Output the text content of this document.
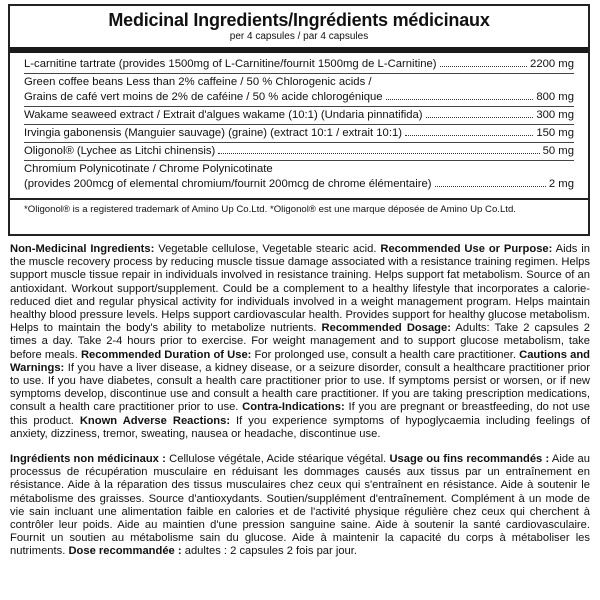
Medicinal Ingredients/Ingrédients médicinaux
per 4 capsules / par 4 capsules
L-carnitine tartrate (provides 1500mg of L-Carnitine/fournit 1500mg de L-Carnitine)	2200 mg
Green coffee beans Less than 2% caffeine / 50 % Chlorogenic acids /
Grains de café vert moins de 2% de caféine / 50 % acide chlorogénique	800 mg
Wakame seaweed extract / Extrait d'algues wakame (10:1) (Undaria pinnatifida)	300 mg
Irvingia gabonensis (Manguier sauvage) (graine) (extract 10:1 / extrait 10:1)	150 mg
Oligonol® (Lychee as Litchi chinensis)	50 mg
Chromium Polynicotinate / Chrome Polynicotinate
(provides 200mcg of elemental chromium/fournit 200mcg de chrome élémentaire)	2 mg
*Oligonol® is a registered trademark of Amino Up Co.Ltd. *Oligonol® est une marque déposée de Amino Up Co.Ltd.

Non-Medicinal Ingredients: Vegetable cellulose, Vegetable stearic acid. Recommended Use or Purpose: Aids in the muscle recovery process by reducing muscle tissue damage associated with a resistance training regimen. Helps support muscle tissue repair in individuals involved in resistance training. Helps support fat metabolism. Source of an antioxidant. Workout support/supplement. Could be a complement to a healthy lifestyle that incorporates a calorie-reduced diet and regular physical activity for individuals involved in a weight management program. Helps maintain healthy blood pressure levels. Helps support cardiovascular health. Provides support for healthy glucose metabolism. Helps to maintain the body's ability to metabolize nutrients. Recommended Dosage: Adults: Take 2 capsules 2 times a day. Take 2-4 hours prior to exercise. For weight management and to support glucose metabolism, take before meals. Recommended Duration of Use: For prolonged use, consult a health care practitioner. Cautions and Warnings: If you have a liver disease, a kidney disease, or a seizure disorder, consult a healthcare practitioner prior to use. If you have diabetes, consult a health care practitioner prior to use. If symptoms persist or worsen, or if new symptoms develop, discontinue use and consult a health care practitioner. If you are taking prescription medications, consult a health care practitioner prior to use. Contra-Indications: If you are pregnant or breastfeeding, do not use this product. Known Adverse Reactions: If you experience symptoms of hypoglycaemia including feelings of anxiety, dizziness, tremor, sweating, nausea or headache, discontinue use.

Ingrédients non médicinaux : Cellulose végétale, Acide stéarique végétal. Usage ou fins recommandés : Aide au processus de récupération musculaire en réduisant les dommages causés aux tissus par un entraînement en résistance. Aide à la réparation des tissus musculaires chez ceux qui s'entraînent en résistance. Aide à soutenir le métabolisme des graisses. Source d'antioxydants. Soutien/supplément d'entraînement. Complément à un mode de vie sain incluant une alimentation faible en calories et de l'activité physique régulière chez ceux qui cherchent à contrôler leur poids. Aide au maintien d'une pression sanguine saine. Aide à soutenir la santé cardiovasculaire. Fournit un soutien au métabolisme sain du glucose. Aide à maintenir la capacité du corps à métaboliser les nutriments. Dose recommandée : adultes : 2 capsules 2 fois par jour.
